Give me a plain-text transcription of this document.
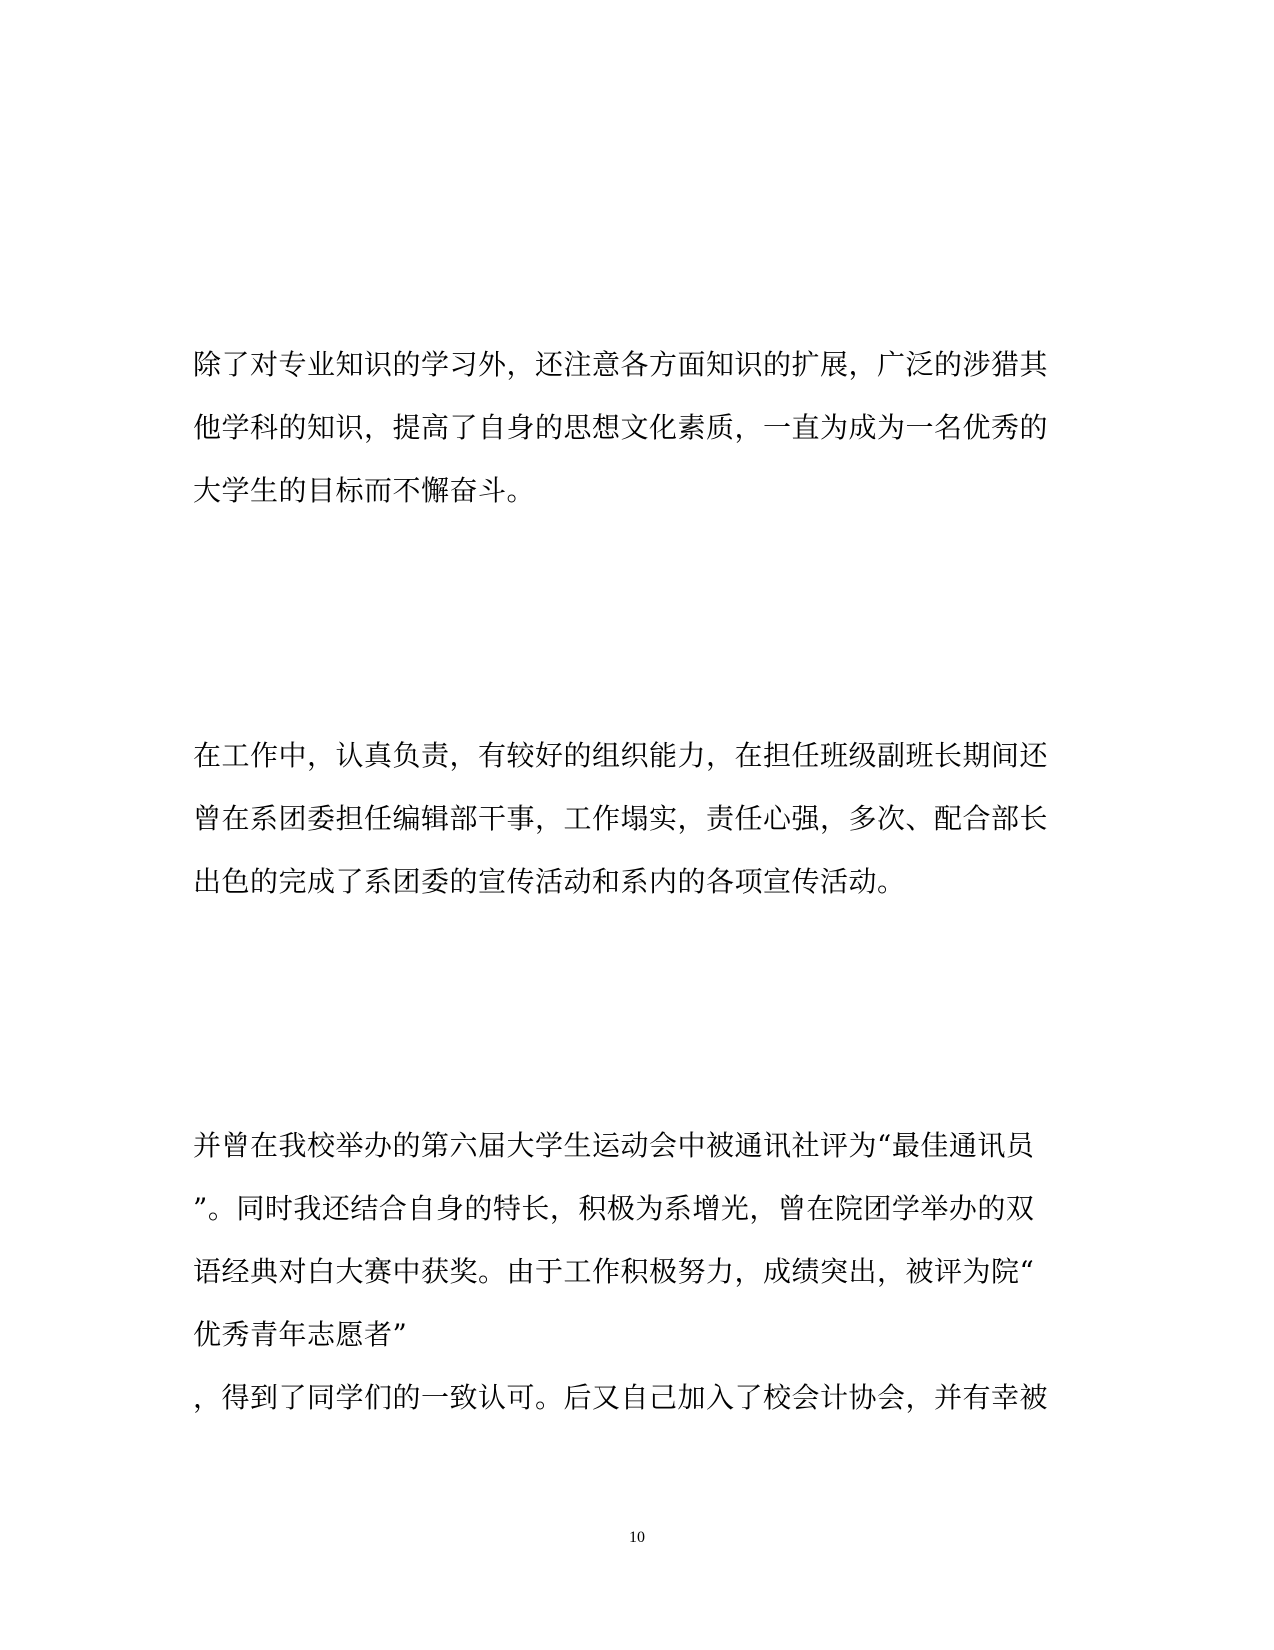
除了对专业知识的学习外，还注意各方面知识的扩展，广泛的涉猎其
他学科的知识，提高了自身的思想文化素质，一直为成为一名优秀的
大学生的目标而不懈奋斗。
在工作中，认真负责，有较好的组织能力，在担任班级副班长期间还
曾在系团委担任编辑部干事，工作塌实，责任心强，多次、配合部长
出色的完成了系团委的宣传活动和系内的各项宣传活动。
并曾在我校举办的第六届大学生运动会中被通讯社评为“最佳通讯员
”。同时我还结合自身的特长，积极为系增光，曾在院团学举办的双
语经典对白大赛中获奖。由于工作积极努力，成绩突出，被评为院“
优秀青年志愿者”
，得到了同学们的一致认可。后又自己加入了校会计协会，并有幸被
10
